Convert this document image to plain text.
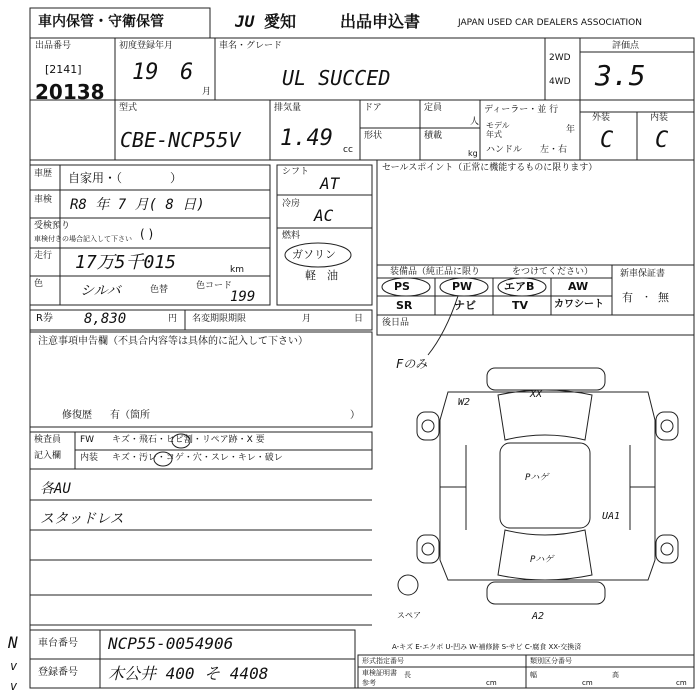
車内保管・守衛保管	JU 愛知	出品申込書	JAPAN USED CAR DEALERS ASSOCIATION
出品番号
[2141]
20138
初度登録年月
19 6
月
車名・グレード
UL SUCCED
2WD
4WD
評価点
3.5
外装	内装
C C
型式
CBE-NCP55V
排気量
1.49 cc
ドア	定員
人
形状	積載
kg
ディーラー・並 行
モデル
年式	年
ハンドル 左・右
車歴 自家用・（　　　　）
車検 R8 年 7 月( 8 日)
受検預り
車検付きの場合記入して下さい ( )
走行 17万5千015	km
色	シルバ	色替	色コード
199
シフト
AT
冷房
AC
燃料
ガソリン
軽　油
セールスポイント（正常に機能するものに限ります）
装備品（純正品に限り	をつけてください）
PS	PW	エアB	AW
SR	ナビ	TV	カワシート
新車保証書
有 ・ 無
R券 8,830	円 名変期限期限	月	日
注意事項申告欄（不具合内容等は具体的に記入して下さい）
修復歴 有（箇所	）
検査員
記入欄
FW キズ・飛石・ヒビ割・リペア跡・X 要
内装 キズ・汚レ・コゲ・穴・スレ・キレ・破レ
各AU
スタッドレス
Fのみ
後日品
W2
XX
Pハゲ
UA1
Pハゲ
A2
スペア
A-キズ E-エクボ U-凹み W-補修跡 S-サビ C-腐食 XX-交換済
N
v
v
車台番号 NCP55-0054906
登録番号 木公井 400 そ 4408
形式指定番号	類別区分番号
車検証明書
参考
長
cm
幅
cm
高
cm
